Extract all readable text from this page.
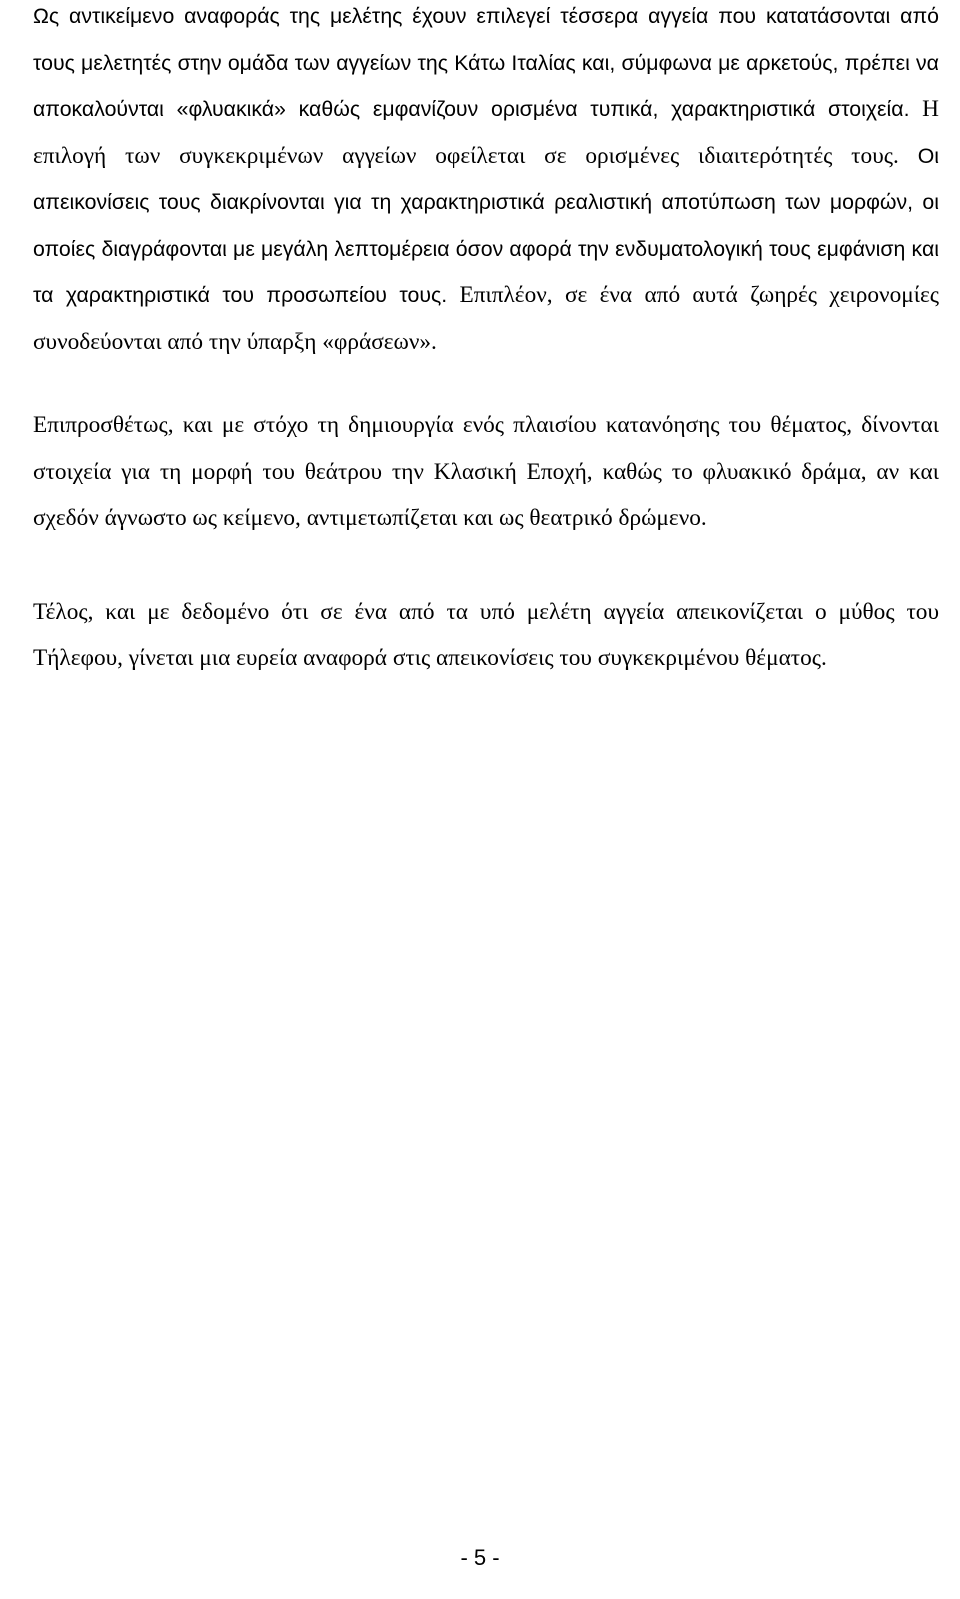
Ως αντικείμενο αναφοράς της μελέτης έχουν επιλεγεί τέσσερα αγγεία που κατατάσονται από τους μελετητές στην ομάδα των αγγείων της Κάτω Ιταλίας και, σύμφωνα με αρκετούς, πρέπει να αποκαλούνται «φλυακικά» καθώς εμφανίζουν ορισμένα τυπικά, χαρακτηριστικά στοιχεία. Η επιλογή των συγκεκριμένων αγγείων οφείλεται σε ορισμένες ιδιαιτερότητές τους. Οι απεικονίσεις τους διακρίνονται για τη χαρακτηριστικά ρεαλιστική αποτύπωση των μορφών, οι οποίες διαγράφονται με μεγάλη λεπτομέρεια όσον αφορά την ενδυματολογική τους εμφάνιση και τα χαρακτηριστικά του προσωπείου τους. Επιπλέον, σε ένα από αυτά ζωηρές χειρονομίες συνοδεύονται από την ύπαρξη «φράσεων».

Επιπροσθέτως, και με στόχο τη δημιουργία ενός πλαισίου κατανόησης του θέματος, δίνονται στοιχεία για τη μορφή του θεάτρου την Κλασική Εποχή, καθώς το φλυακικό δράμα, αν και σχεδόν άγνωστο ως κείμενο, αντιμετωπίζεται και ως θεατρικό δρώμενο.

Τέλος, και με δεδομένο ότι σε ένα από τα υπό μελέτη αγγεία απεικονίζεται ο μύθος του Τήλεφου, γίνεται μια ευρεία αναφορά στις απεικονίσεις του συγκεκριμένου θέματος.

- 5 -
